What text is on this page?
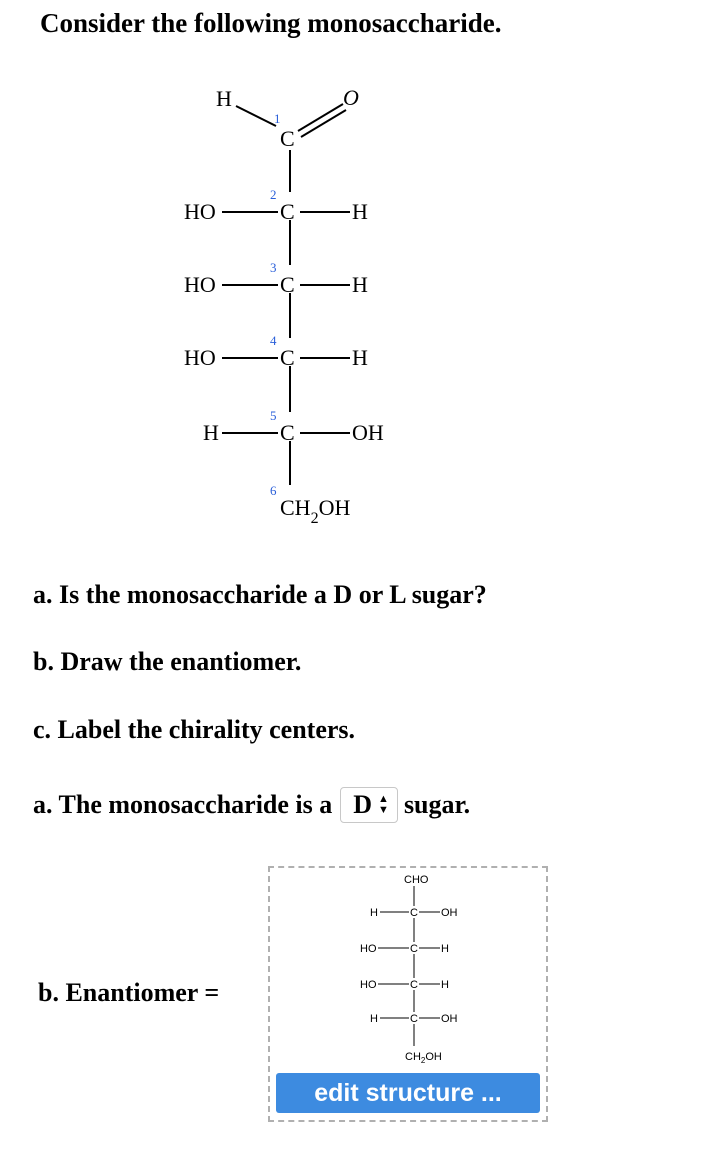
Consider the following monosaccharide.
H
1
C
O
HO
2
C	H
HO
3
C	H
HO
4
C	H
H
5
C	OH
6
$CH_2OH$
a. Is the monosaccharide a D or L sugar?
b. Draw the enantiomer.
c. Label the chirality centers.
a. The monosaccharide is a D ▲
▼ sugar.
b. Enantiomer =
CHO
H	C OH
HO	C H
HO	C H
H	C OH
$CH_2OH$
edit structure ...
